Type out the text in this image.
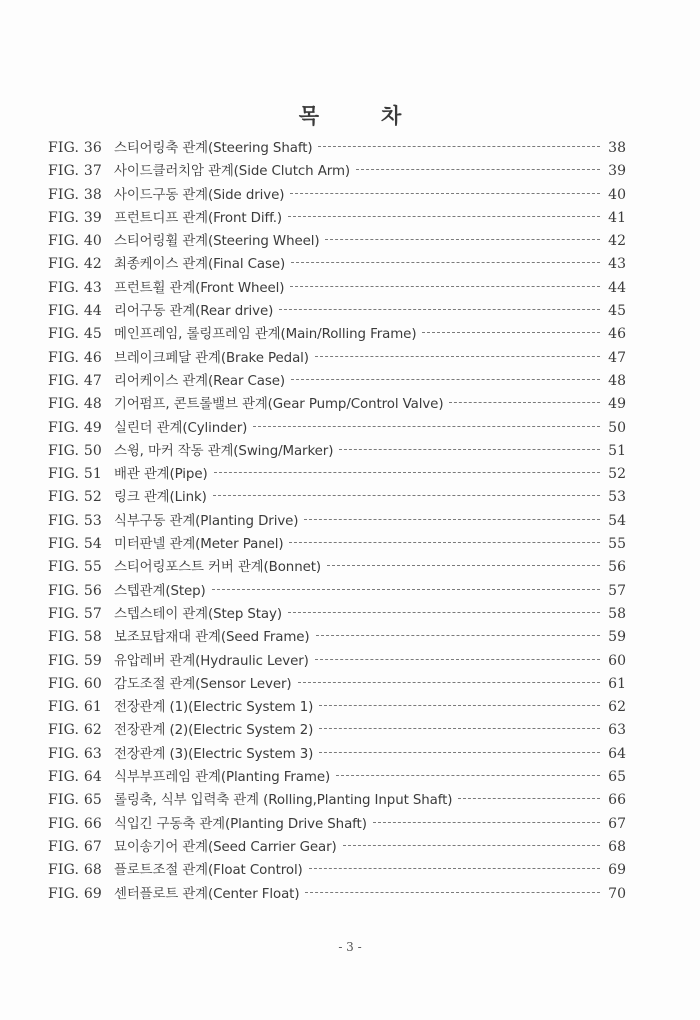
목	차
FIG. 36 스티어링축 관계(Steering Shaft)	38
FIG. 37 사이드클러치암 관계(Side Clutch Arm)	39
FIG. 38 사이드구동 관계(Side drive)	40
FIG. 39 프런트디프 관계(Front Diff.)	41
FIG. 40 스티어링휠 관계(Steering Wheel)	42
FIG. 42 최종케이스 관계(Final Case)	43
FIG. 43 프런트휠 관계(Front Wheel)	44
FIG. 44 리어구동 관계(Rear drive)	45
FIG. 45 메인프레임, 롤링프레임 관계(Main/Rolling Frame)	46
FIG. 46 브레이크페달 관계(Brake Pedal)	47
FIG. 47 리어케이스 관계(Rear Case)	48
FIG. 48 기어펌프, 콘트롤밸브 관계(Gear Pump/Control Valve)	49
FIG. 49 실린더 관계(Cylinder)	50
FIG. 50 스윙, 마커 작동 관계(Swing/Marker)	51
FIG. 51 배관 관계(Pipe)	52
FIG. 52 링크 관계(Link)	53
FIG. 53 식부구동 관계(Planting Drive)	54
FIG. 54 미터판넬 관계(Meter Panel)	55
FIG. 55 스티어링포스트 커버 관계(Bonnet)	56
FIG. 56 스텝관계(Step)	57
FIG. 57 스텝스테이 관계(Step Stay)	58
FIG. 58 보조묘탑재대 관계(Seed Frame)	59
FIG. 59 유압레버 관계(Hydraulic Lever)	60
FIG. 60 감도조절 관계(Sensor Lever)	61
FIG. 61 전장관계 (1)(Electric System 1)	62
FIG. 62 전장관계 (2)(Electric System 2)	63
FIG. 63 전장관계 (3)(Electric System 3)	64
FIG. 64 식부부프레임 관계(Planting Frame)	65
FIG. 65 롤링축, 식부 입력축 관계 (Rolling,Planting Input Shaft)	66
FIG. 66 식입긴 구동축 관계(Planting Drive Shaft)	67
FIG. 67 묘이송기어 관계(Seed Carrier Gear)	68
FIG. 68 플로트조절 관계(Float Control)	69
FIG. 69 센터플로트 관계(Center Float)	70
- 3 -
